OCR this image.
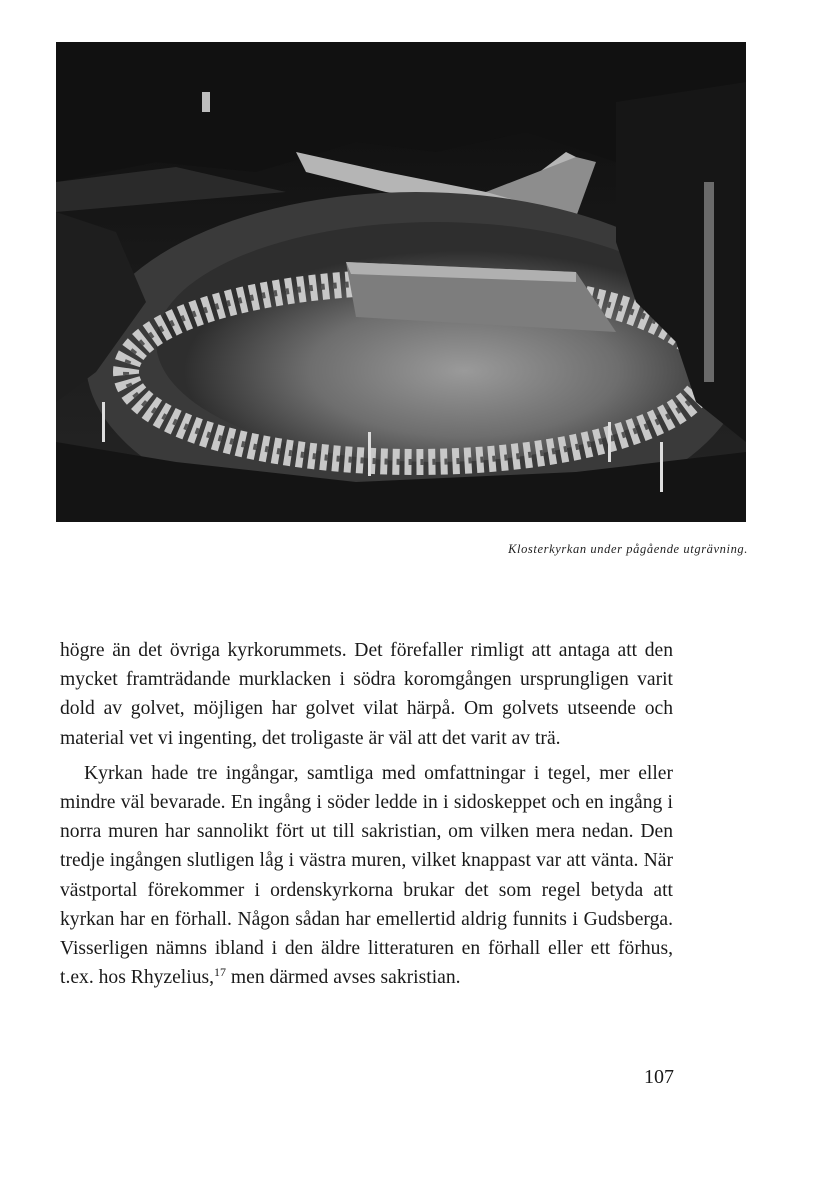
Klosterkyrkan under pågående utgrävning.

högre än det övriga kyrkorummets. Det förefaller rimligt att antaga att den mycket framträdande murklacken i södra koromgången ursprungligen varit dold av golvet, möjligen har golvet vilat härpå. Om golvets utseende och material vet vi ingenting, det troligaste är väl att det varit av trä.

Kyrkan hade tre ingångar, samtliga med omfattningar i tegel, mer eller mindre väl bevarade. En ingång i söder ledde in i sidoskeppet och en ingång i norra muren har sannolikt fört ut till sakristian, om vilken mera nedan. Den tredje ingången slutligen låg i västra muren, vilket knappast var att vänta. När västportal förekommer i ordenskyrkorna brukar det som regel betyda att kyrkan har en förhall. Någon sådan har emellertid aldrig funnits i Gudsberga. Visserligen nämns ibland i den äldre litteraturen en förhall eller ett förhus, t.ex. hos Rhyzelius,$^{17}$ men därmed avses sakristian.

107
